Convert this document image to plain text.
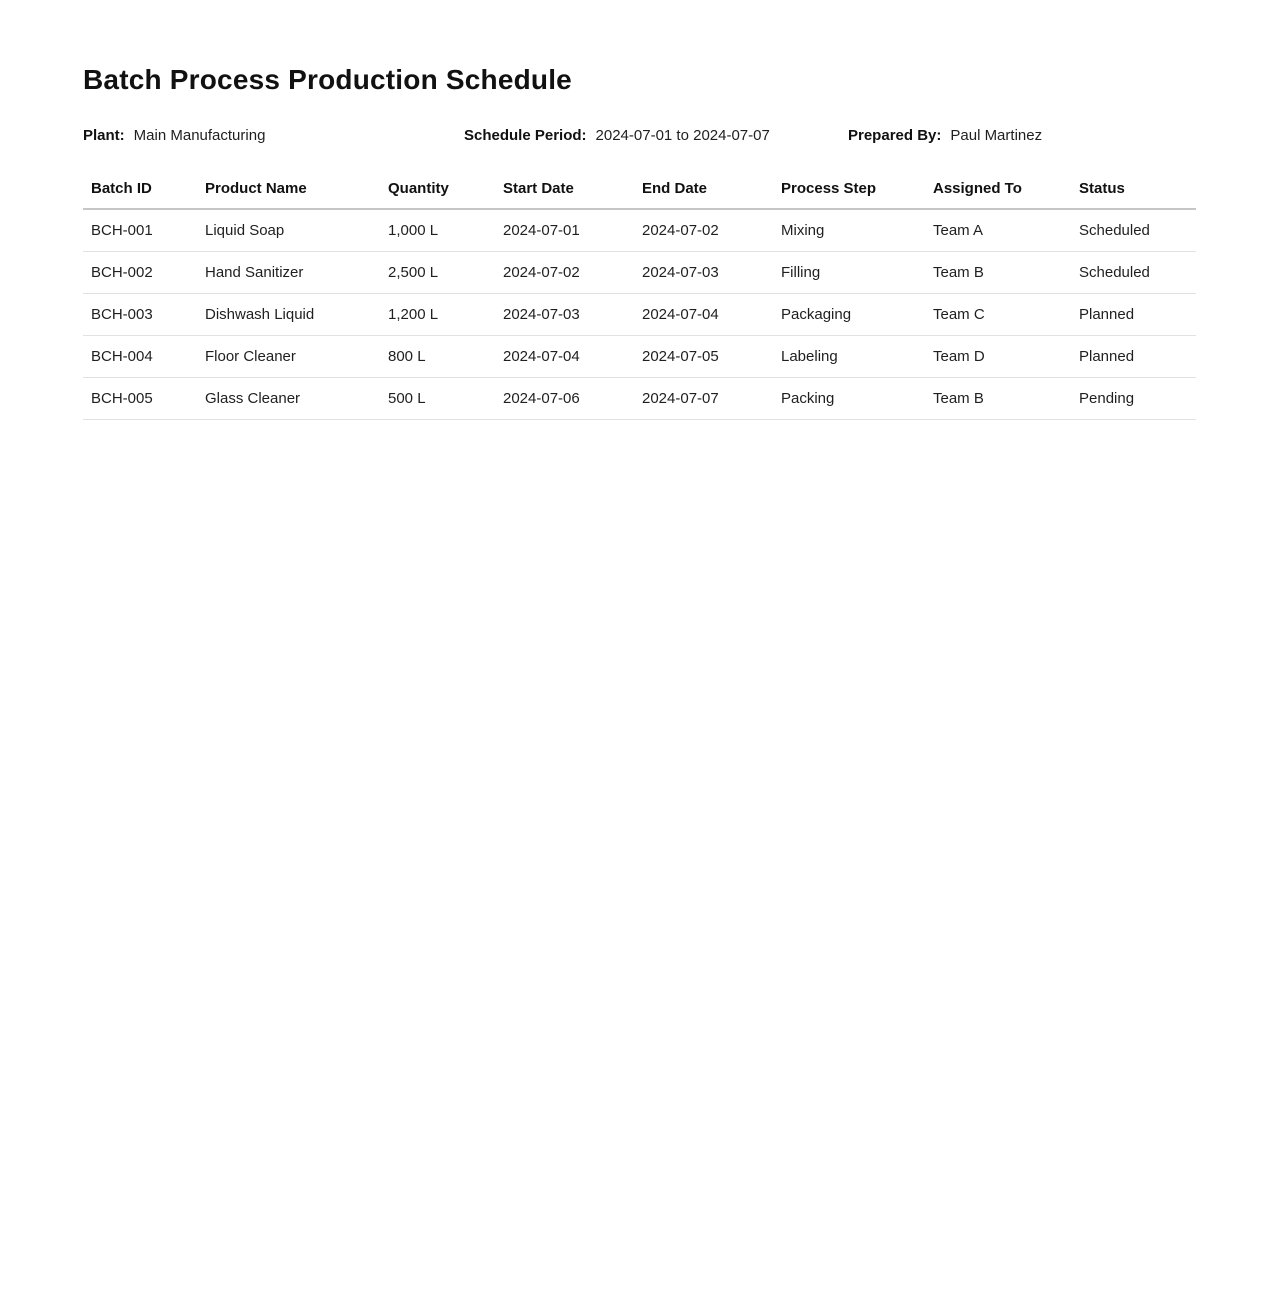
Batch Process Production Schedule
Plant: Main Manufacturing	Schedule Period: 2024-07-01 to 2024-07-07	Prepared By: Paul Martinez
Batch ID	Product Name	Quantity	Start Date	End Date	Process Step	Assigned To	Status
BCH-001	Liquid Soap	1,000 L	2024-07-01	2024-07-02	Mixing	Team A	Scheduled
BCH-002	Hand Sanitizer	2,500 L	2024-07-02	2024-07-03	Filling	Team B	Scheduled
BCH-003	Dishwash Liquid	1,200 L	2024-07-03	2024-07-04	Packaging	Team C	Planned
BCH-004	Floor Cleaner	800 L	2024-07-04	2024-07-05	Labeling	Team D	Planned
BCH-005	Glass Cleaner	500 L	2024-07-06	2024-07-07	Packing	Team B	Pending
